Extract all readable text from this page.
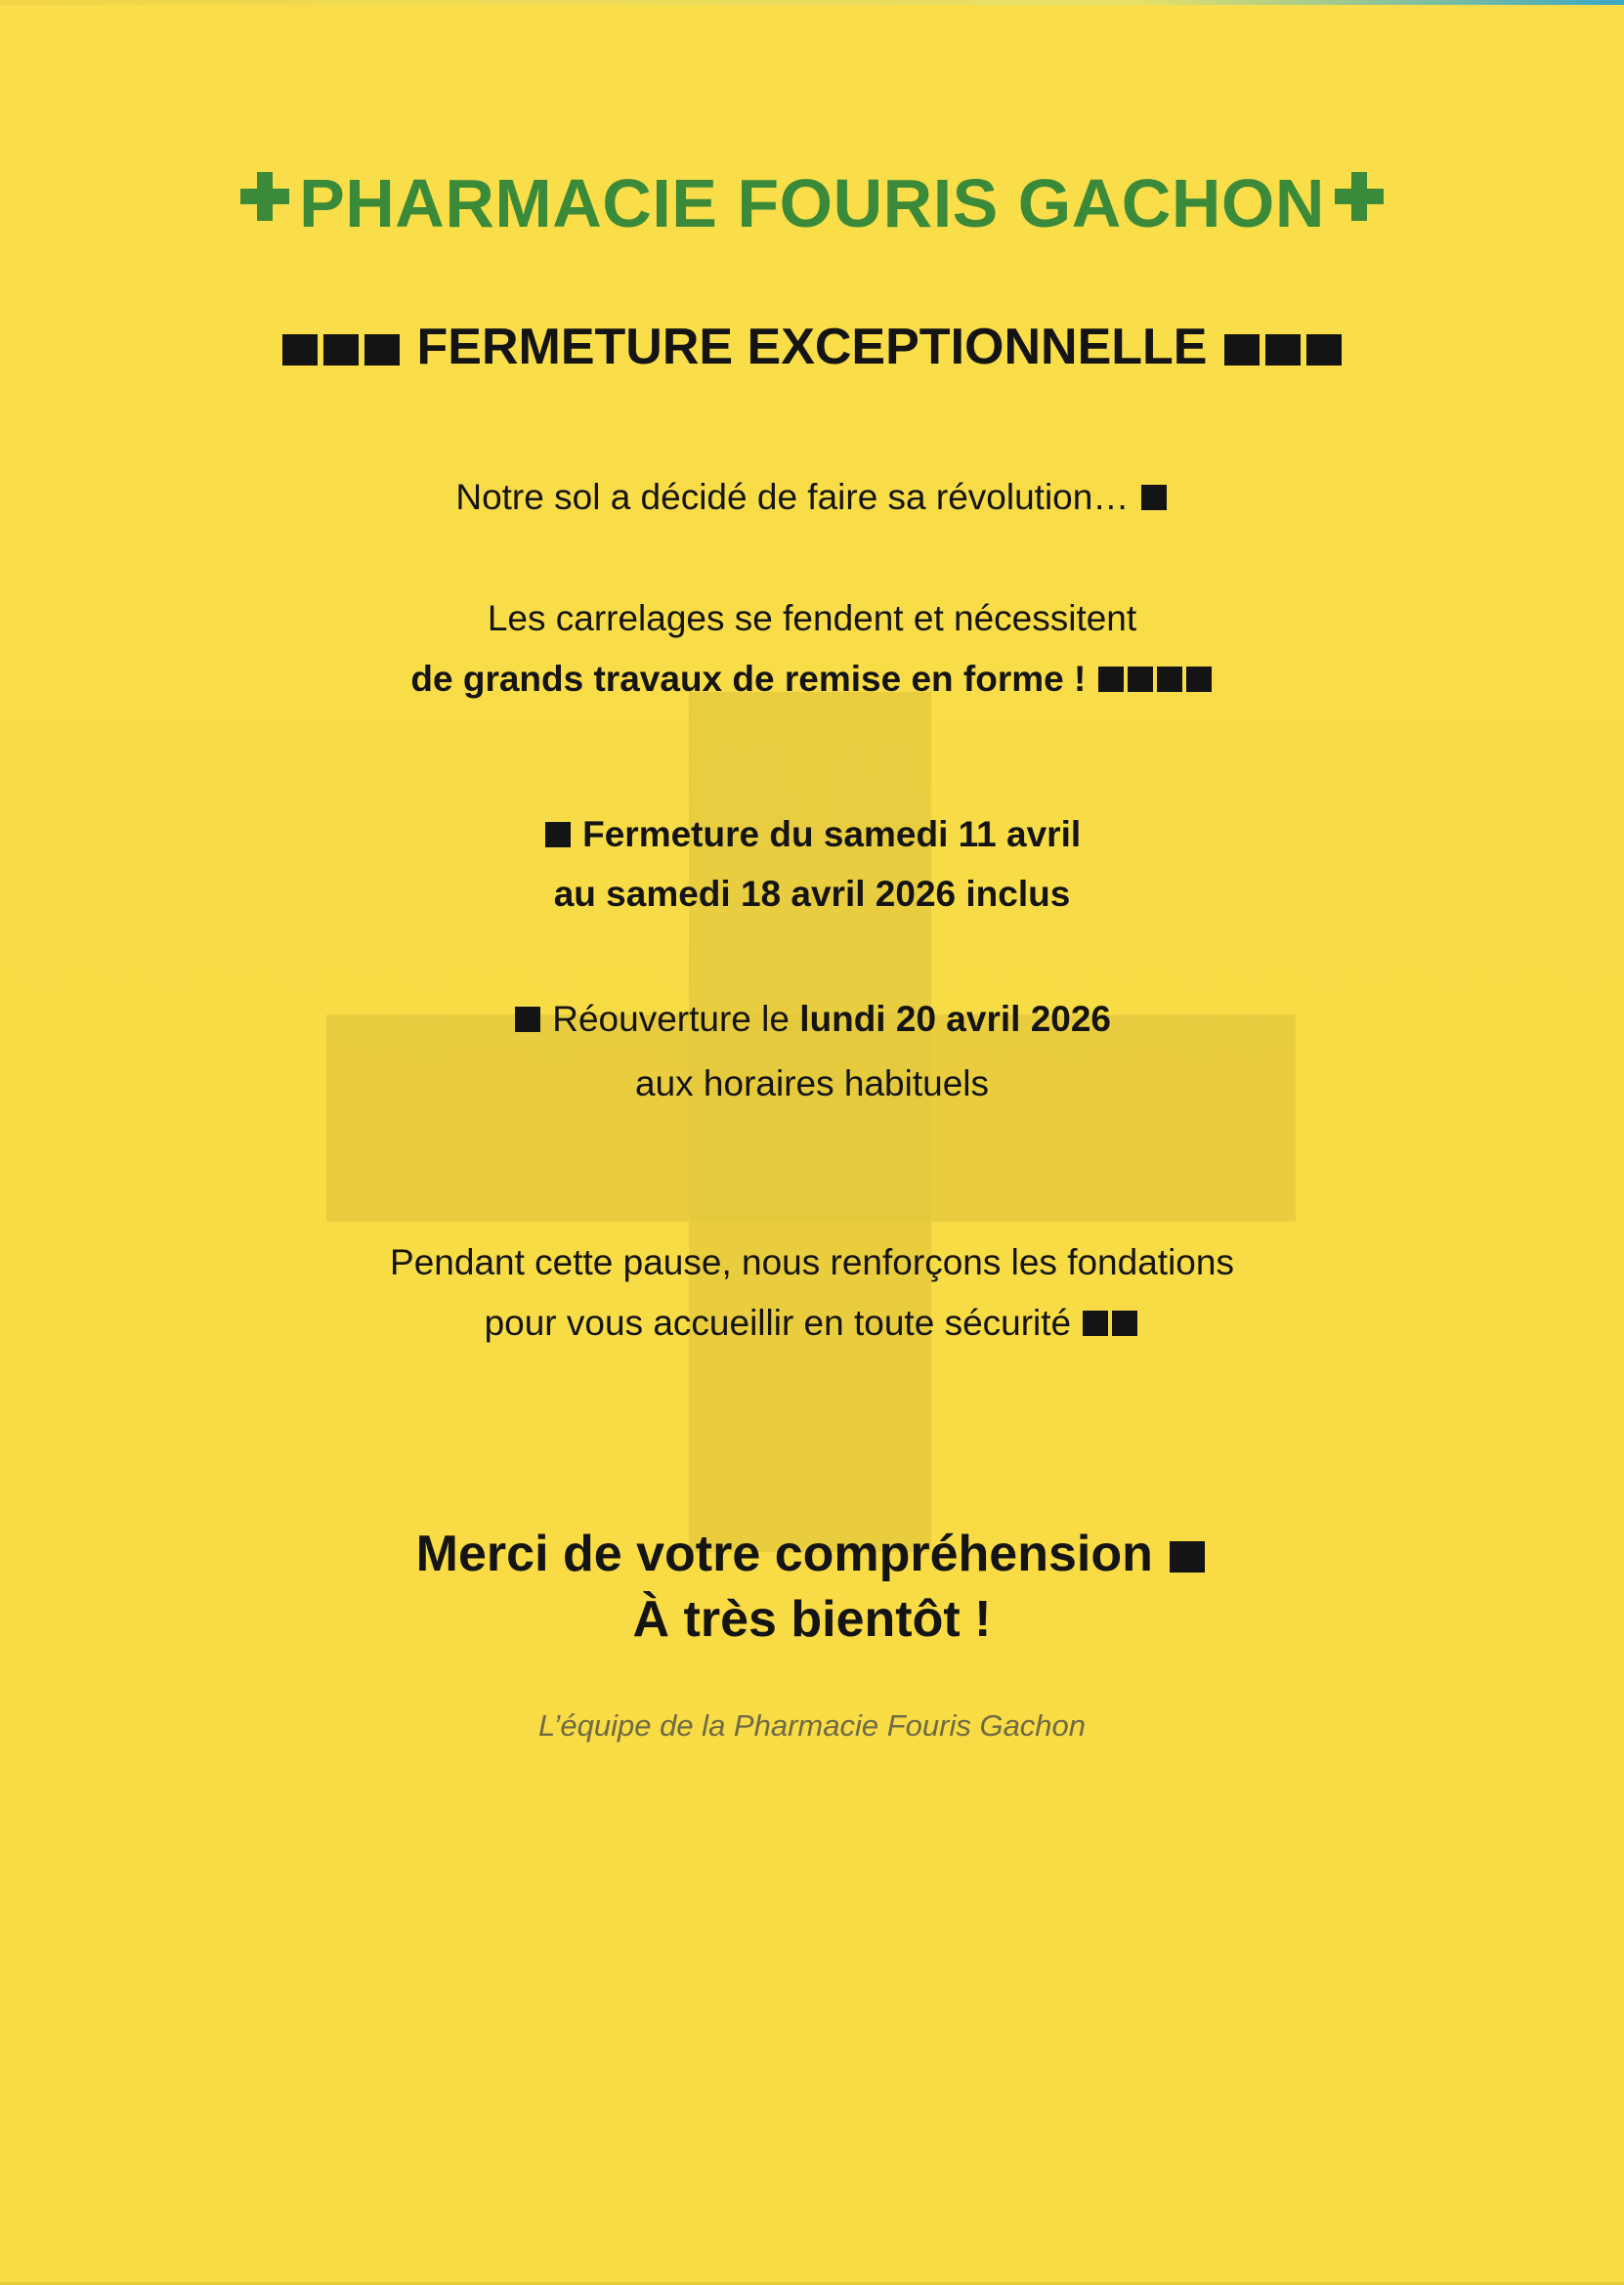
PHARMACIE FOURIS GACHON
FERMETURE EXCEPTIONNELLE
Notre sol a décidé de faire sa révolution…
Les carrelages se fendent et nécessitent
de grands travaux de remise en forme !
Fermeture du samedi 11 avril
au samedi 18 avril 2026 inclus
Réouverture le lundi 20 avril 2026
aux horaires habituels
Pendant cette pause, nous renforçons les fondations
pour vous accueillir en toute sécurité
Merci de votre compréhension
À très bientôt !
L’équipe de la Pharmacie Fouris Gachon
